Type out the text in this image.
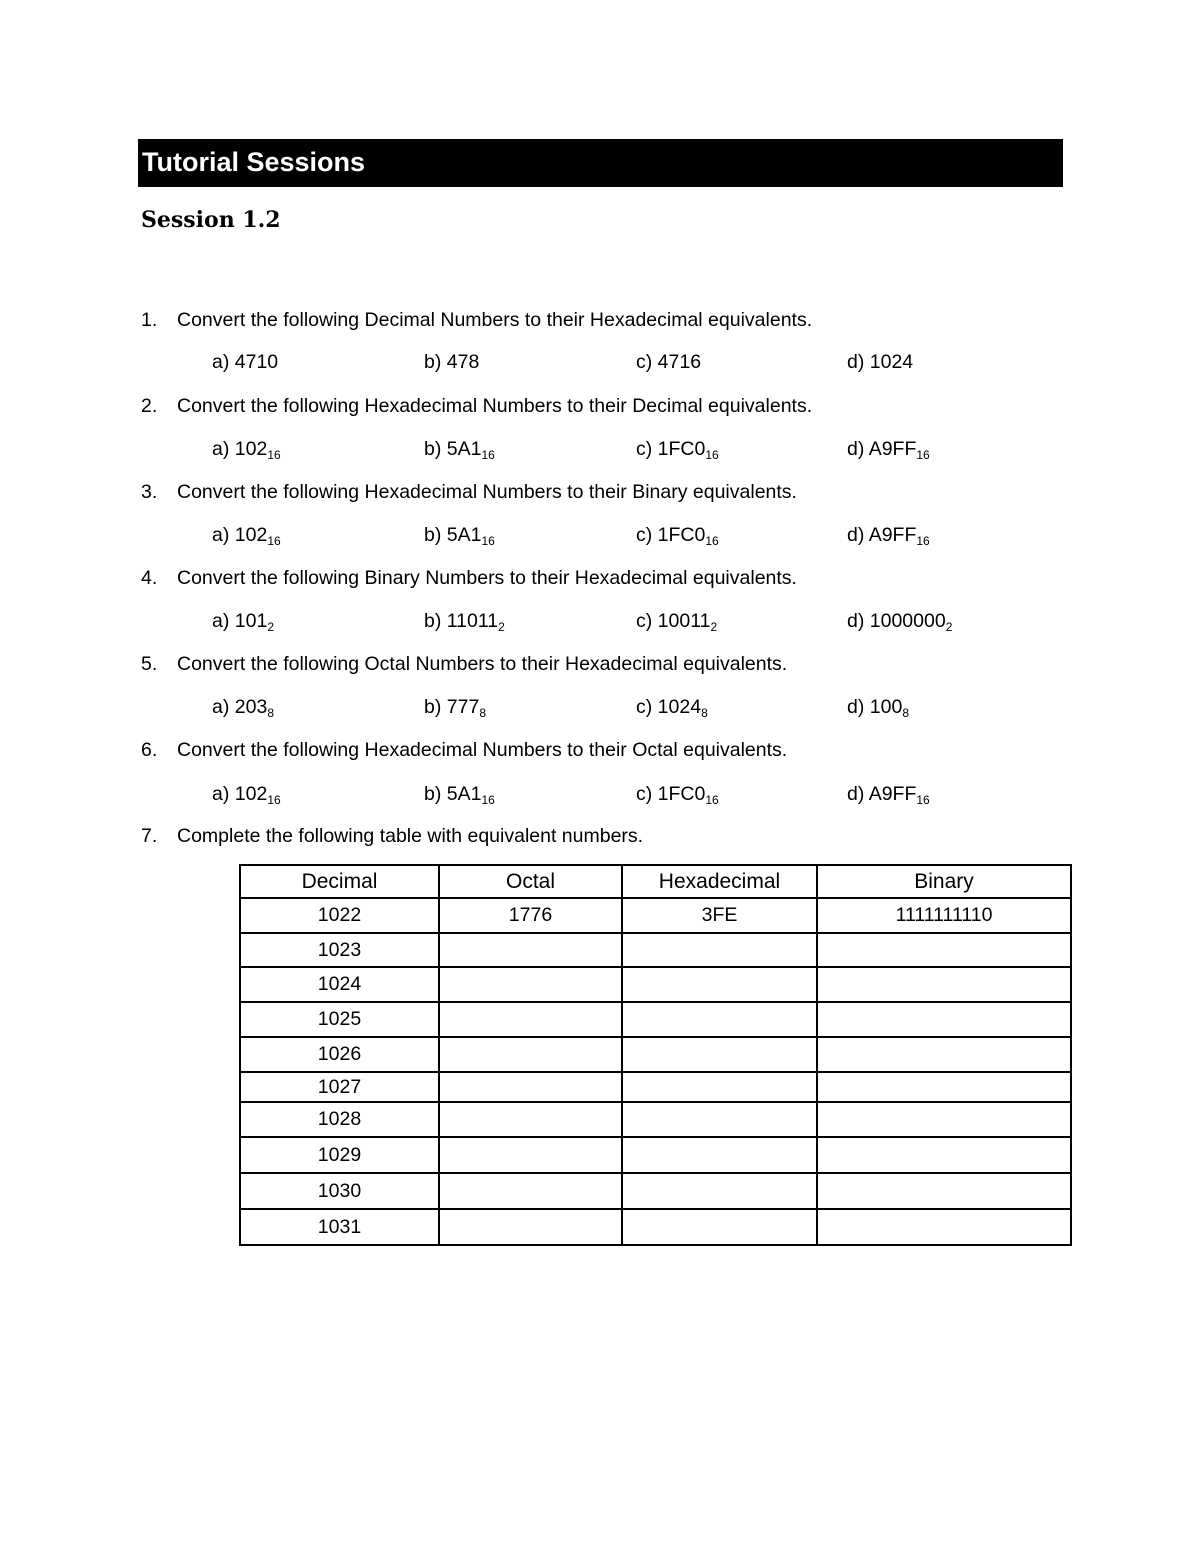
Tutorial Sessions
Session 1.2
1. Convert the following Decimal Numbers to their Hexadecimal equivalents.
a) 4710	b) 478	c) 4716	d) 1024
2. Convert the following Hexadecimal Numbers to their Decimal equivalents.
a) $102_{16}$	b) $5A1_{16}$	c) $1FC0_{16}$	d) $A9FF_{16}$
3. Convert the following Hexadecimal Numbers to their Binary equivalents.
a) $102_{16}$	b) $5A1_{16}$	c) $1FC0_{16}$	d) $A9FF_{16}$
4. Convert the following Binary Numbers to their Hexadecimal equivalents.
a) $101_2$	b) $11011_2$	c) $10011_2$	d) $1000000_2$
5. Convert the following Octal Numbers to their Hexadecimal equivalents.
a) $203_8$	b) $777_8$	c) $1024_8$	d) $100_8$
6. Convert the following Hexadecimal Numbers to their Octal equivalents.
a) $102_{16}$	b) $5A1_{16}$	c) $1FC0_{16}$	d) $A9FF_{16}$
7. Complete the following table with equivalent numbers.
Decimal	Octal	Hexadecimal	Binary
1022	1776	3FE	1111111110
1023			
1024			
1025			
1026			
1027			
1028			
1029			
1030			
1031			
